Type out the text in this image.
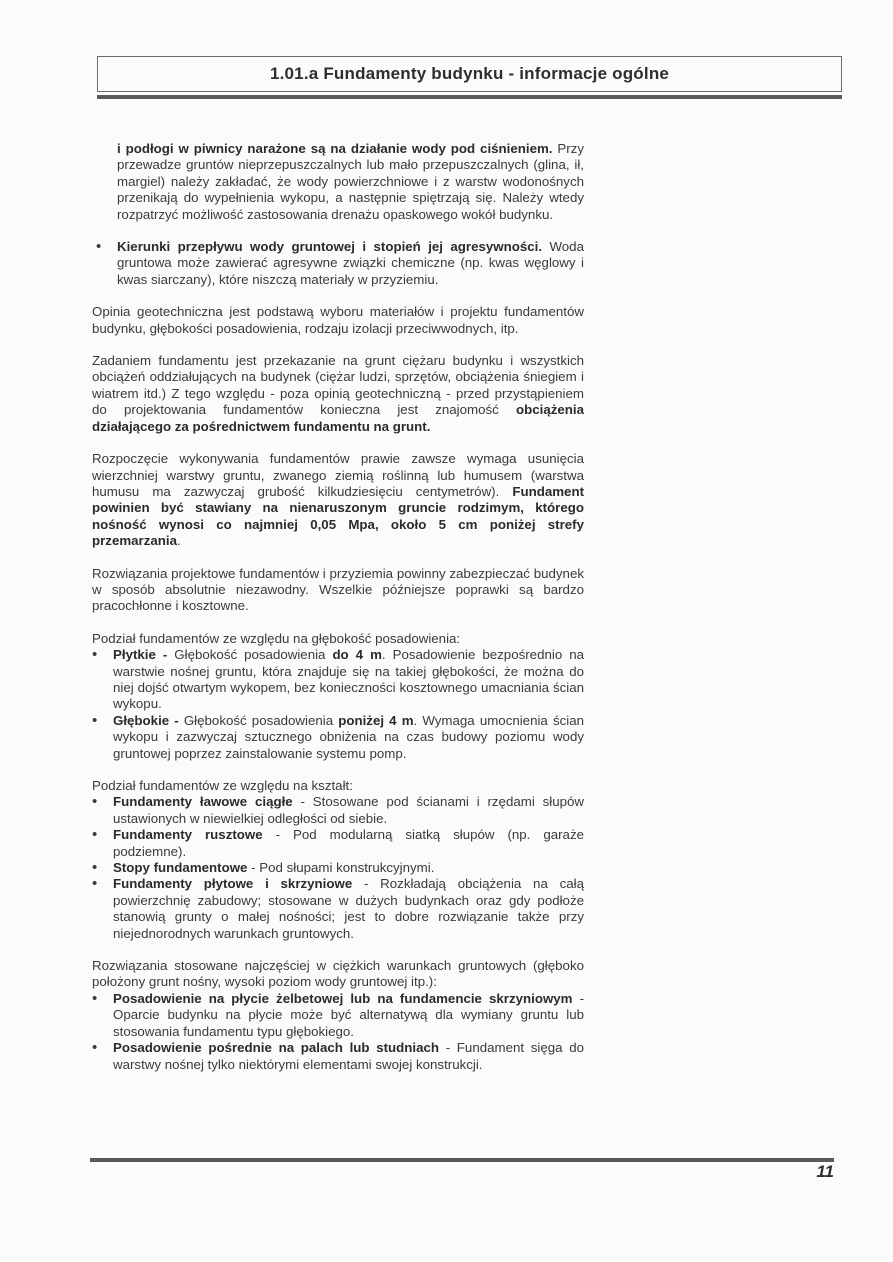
1.01.a Fundamenty budynku - informacje ogólne

i podłogi w piwnicy narażone są na działanie wody pod ciśnieniem. Przy przewadze gruntów nieprzepuszczalnych lub mało przepuszczalnych (glina, ił, margiel) należy zakładać, że wody powierzchniowe i z warstw wodonośnych przenikają do wypełnienia wykopu, a następnie spiętrzają się. Należy wtedy rozpatrzyć możliwość zastosowania drenażu opaskowego wokół budynku.

• Kierunki przepływu wody gruntowej i stopień jej agresywności. Woda gruntowa może zawierać agresywne związki chemiczne (np. kwas węglowy i kwas siarczany), które niszczą materiały w przyziemiu.

Opinia geotechniczna jest podstawą wyboru materiałów i projektu fundamentów budynku, głębokości posadowienia, rodzaju izolacji przeciwwodnych, itp.

Zadaniem fundamentu jest przekazanie na grunt ciężaru budynku i wszystkich obciążeń oddziałujących na budynek (ciężar ludzi, sprzętów, obciążenia śniegiem i wiatrem itd.) Z tego względu - poza opinią geotechniczną - przed przystąpieniem do projektowania fundamentów konieczna jest znajomość obciążenia działającego za pośrednictwem fundamentu na grunt.

Rozpoczęcie wykonywania fundamentów prawie zawsze wymaga usunięcia wierzchniej warstwy gruntu, zwanego ziemią roślinną lub humusem (warstwa humusu ma zazwyczaj grubość kilkudziesięciu centymetrów). Fundament powinien być stawiany na nienaruszonym gruncie rodzimym, którego nośność wynosi co najmniej 0,05 Mpa, około 5 cm poniżej strefy przemarzania.

Rozwiązania projektowe fundamentów i przyziemia powinny zabezpieczać budynek w sposób absolutnie niezawodny. Wszelkie późniejsze poprawki są bardzo pracochłonne i kosztowne.

Podział fundamentów ze względu na głębokość posadowienia:

• Płytkie - Głębokość posadowienia do 4 m. Posadowienie bezpośrednio na warstwie nośnej gruntu, która znajduje się na takiej głębokości, że można do niej dojść otwartym wykopem, bez konieczności kosztownego umacniania ścian wykopu.
• Głębokie - Głębokość posadowienia poniżej 4 m. Wymaga umocnienia ścian wykopu i zazwyczaj sztucznego obniżenia na czas budowy poziomu wody gruntowej poprzez zainstalowanie systemu pomp.

Podział fundamentów ze względu na kształt:

• Fundamenty ławowe ciągłe - Stosowane pod ścianami i rzędami słupów ustawionych w niewielkiej odległości od siebie.
• Fundamenty rusztowe - Pod modularną siatką słupów (np. garaże podziemne).
• Stopy fundamentowe - Pod słupami konstrukcyjnymi.
• Fundamenty płytowe i skrzyniowe - Rozkładają obciążenia na całą powierzchnię zabudowy; stosowane w dużych budynkach oraz gdy podłoże stanowią grunty o małej nośności; jest to dobre rozwiązanie także przy niejednorodnych warunkach gruntowych.

Rozwiązania stosowane najczęściej w ciężkich warunkach gruntowych (głęboko położony grunt nośny, wysoki poziom wody gruntowej itp.):

• Posadowienie na płycie żelbetowej lub na fundamencie skrzyniowym - Oparcie budynku na płycie może być alternatywą dla wymiany gruntu lub stosowania fundamentu typu głębokiego.
• Posadowienie pośrednie na palach lub studniach - Fundament sięga do warstwy nośnej tylko niektórymi elementami swojej konstrukcji.
11
